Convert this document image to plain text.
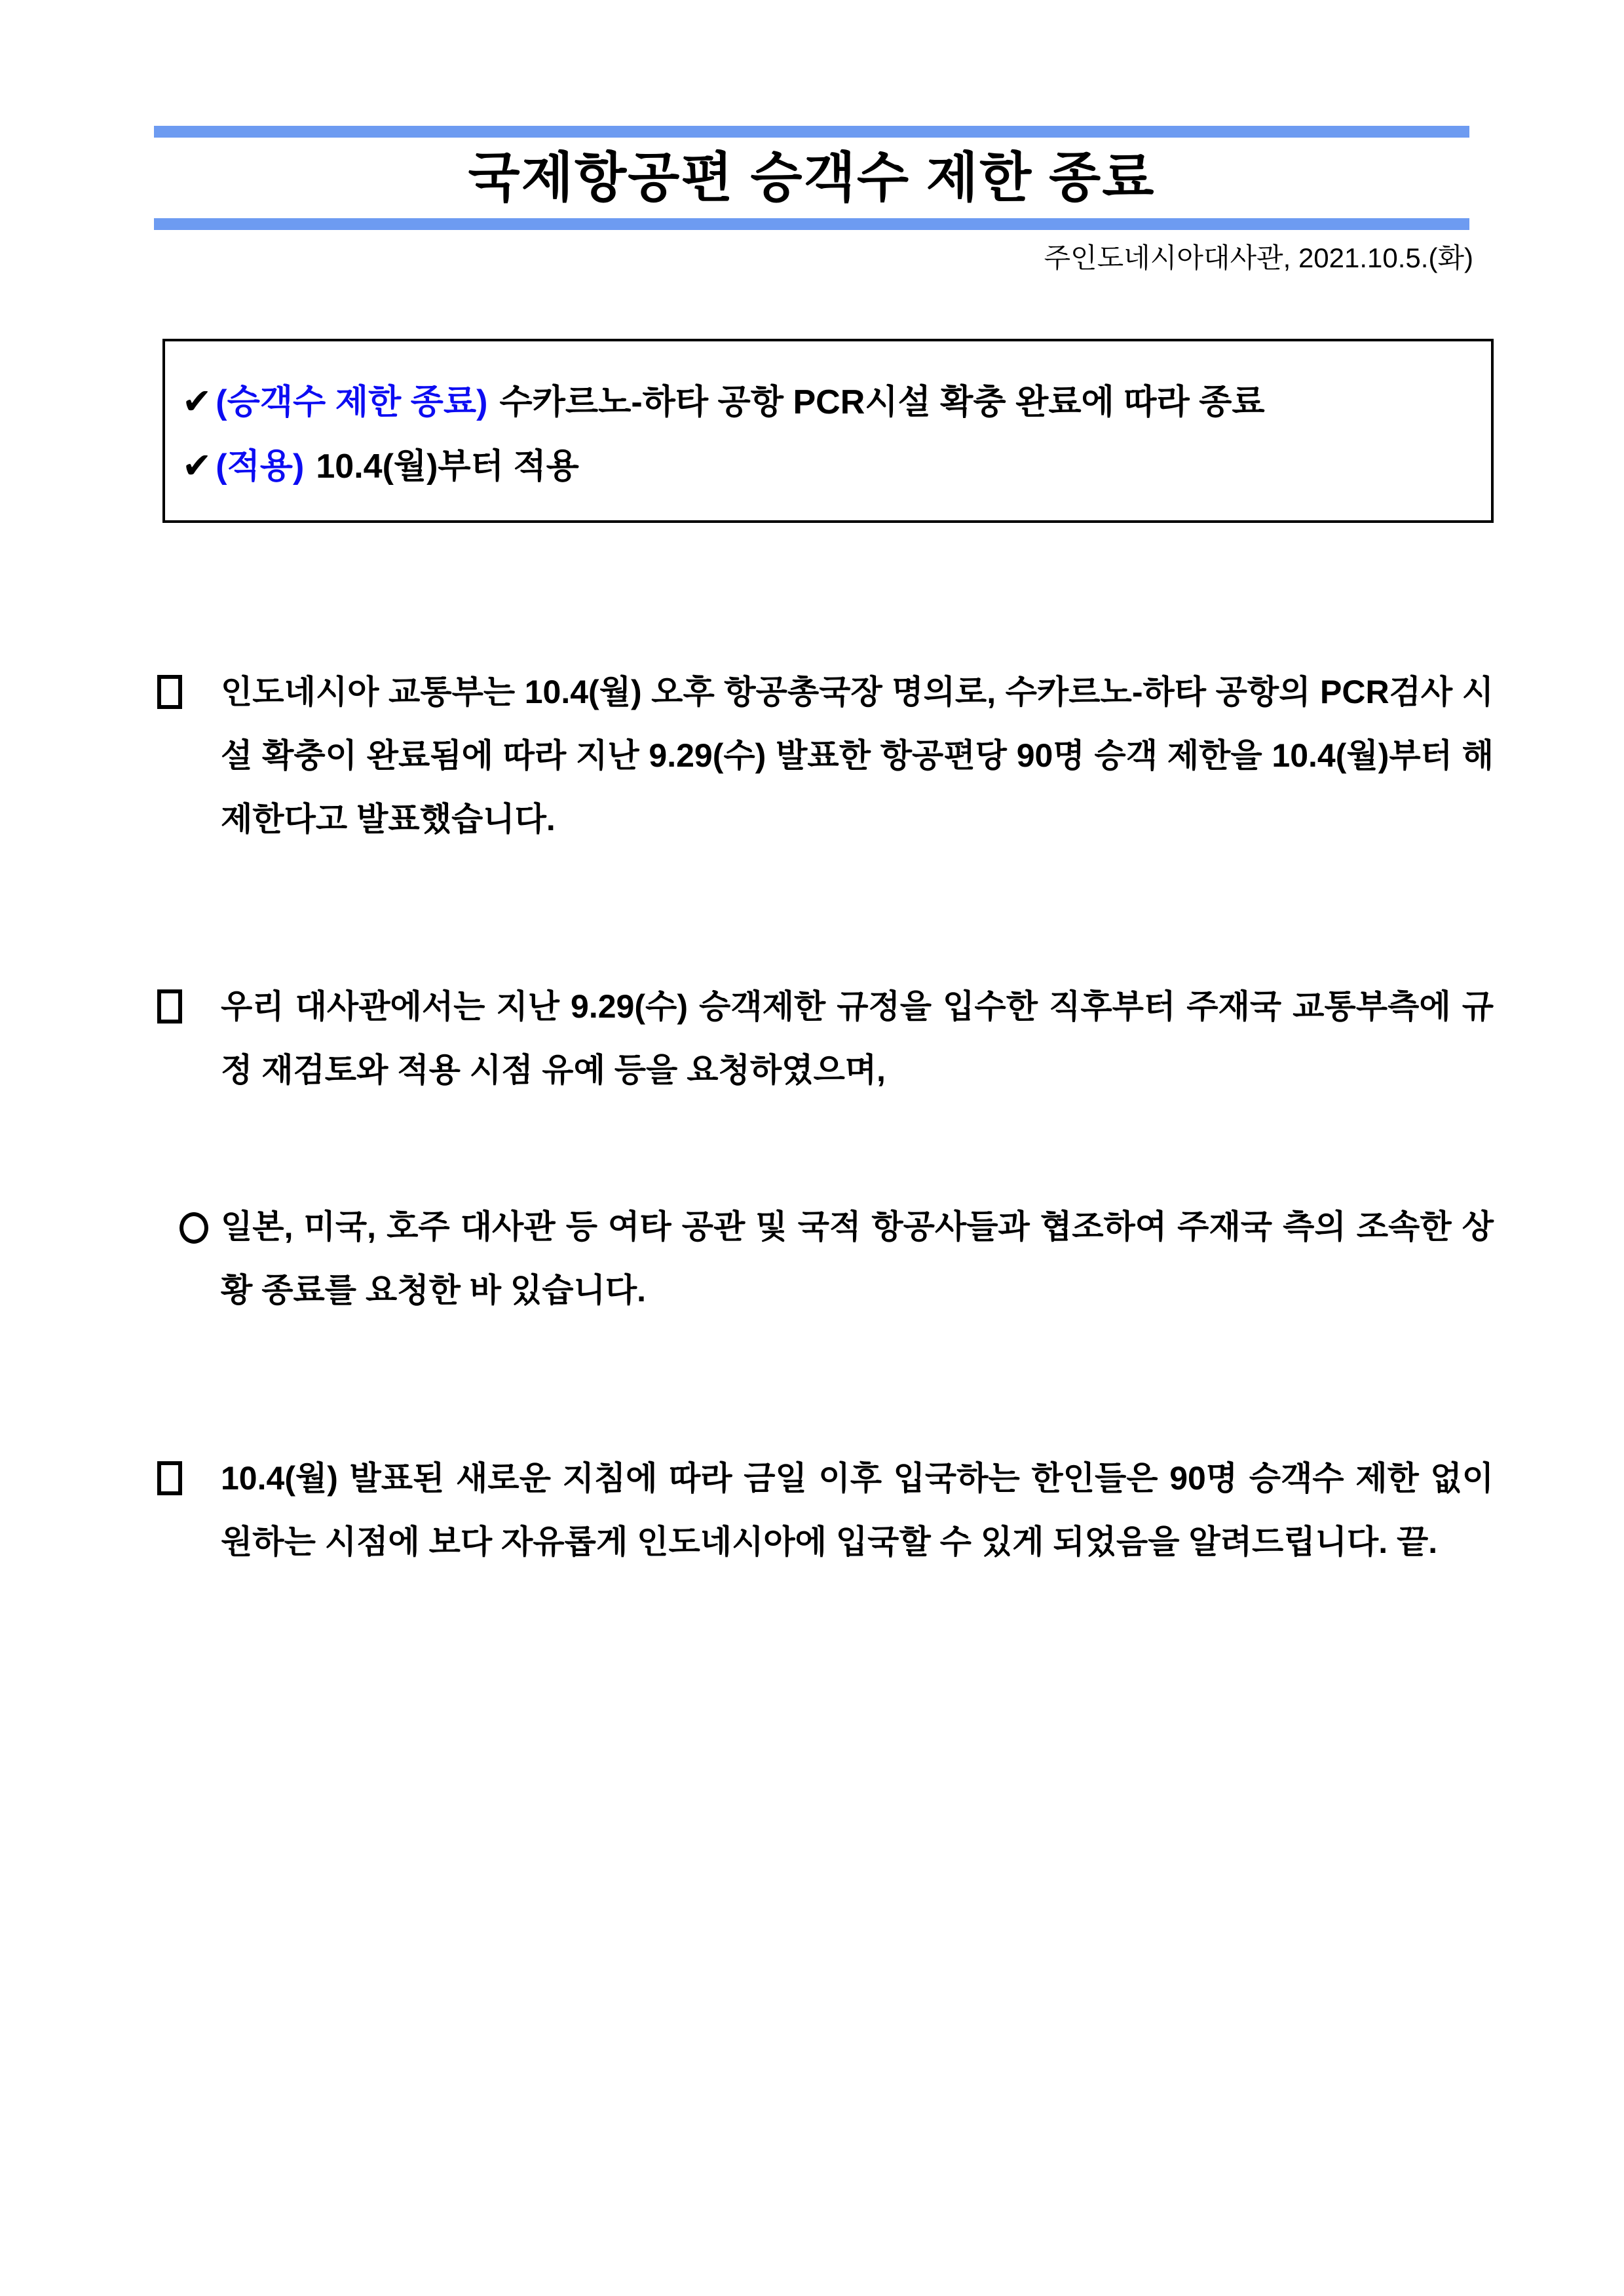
국제항공편 승객수 제한 종료
주인도네시아대사관, 2021.10.5.(화)
✔ (승객수 제한 종료) 수카르노-하타 공항 PCR시설 확충 완료에 따라 종료
✔ (적용) 10.4(월)부터 적용
인도네시아 교통부는 10.4(월) 오후 항공총국장 명의로, 수카르노-하타 공항의 PCR검사 시설 확충이 완료됨에 따라 지난 9.29(수) 발표한 항공편당 90명 승객 제한을 10.4(월)부터 해제한다고 발표했습니다.
우리 대사관에서는 지난 9.29(수) 승객제한 규정을 입수한 직후부터 주재국 교통부측에 규정 재검토와 적용 시점 유예 등을 요청하였으며,
일본, 미국, 호주 대사관 등 여타 공관 및 국적 항공사들과 협조하여 주재국 측의 조속한 상황 종료를 요청한 바 있습니다.
10.4(월) 발표된 새로운 지침에 따라 금일 이후 입국하는 한인들은 90명 승객수 제한 없이 원하는 시점에 보다 자유롭게 인도네시아에 입국할 수 있게 되었음을 알려드립니다. 끝.
